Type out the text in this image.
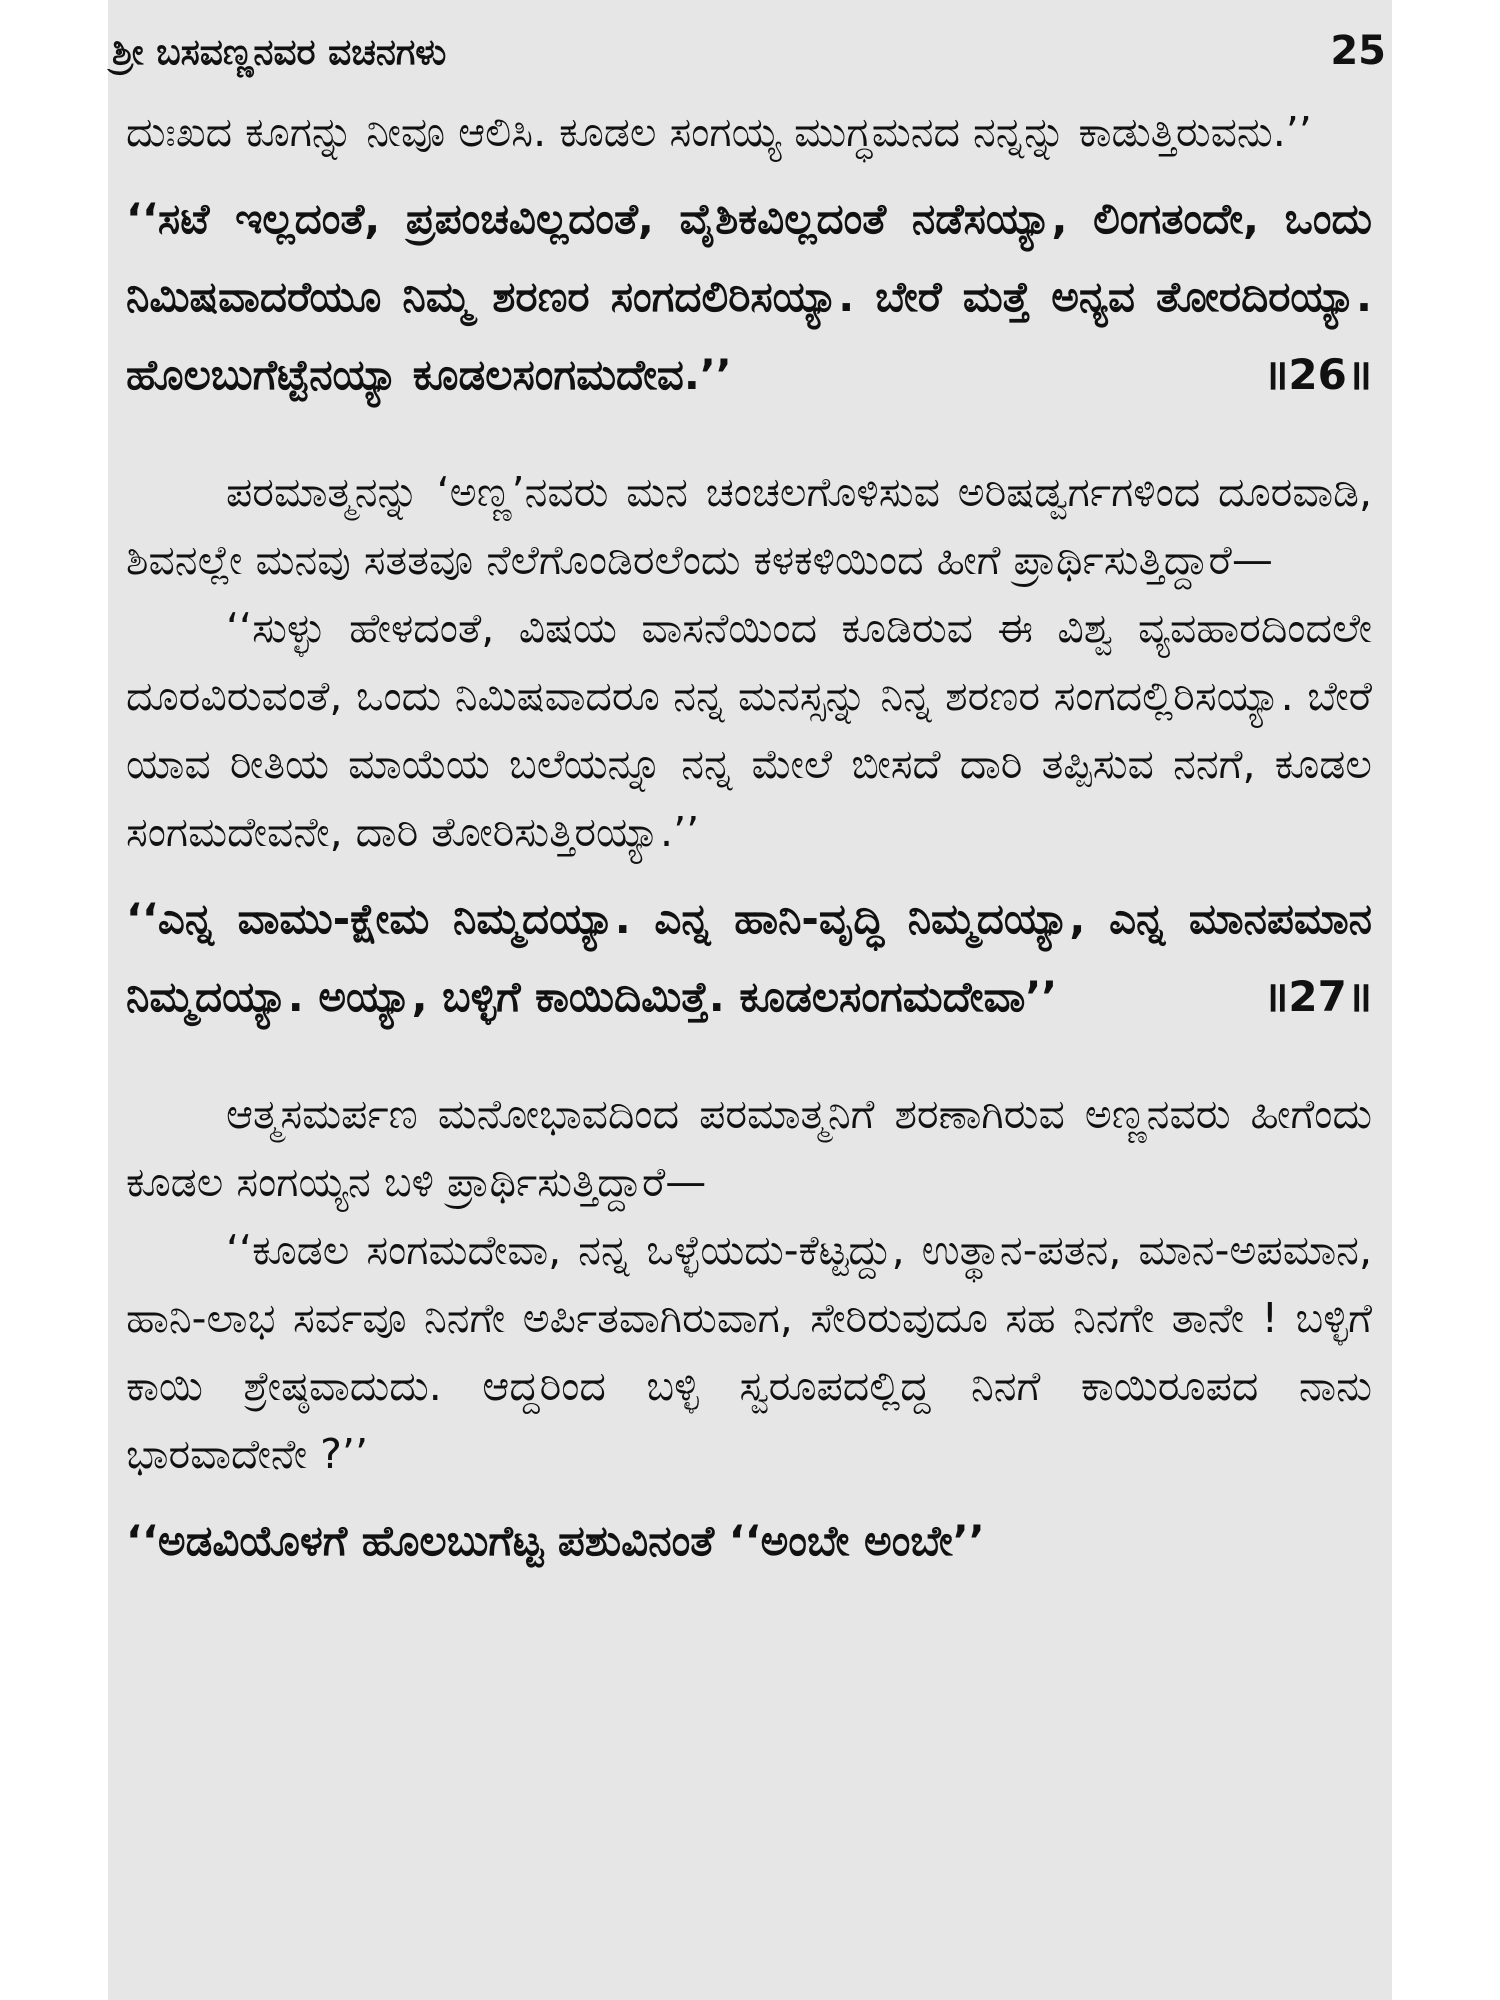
ಶ್ರೀ ಬಸವಣ್ಣನವರ ವಚನಗಳು	25

ದುಃಖದ ಕೂಗನ್ನು ನೀವೂ ಆಲಿಸಿ. ಕೂಡಲ ಸಂಗಯ್ಯ ಮುಗ್ಧಮನದ ನನ್ನನ್ನು ಕಾಡುತ್ತಿರುವನು.’’

‘‘ಸಟೆ ಇಲ್ಲದಂತೆ, ಪ್ರಪಂಚವಿಲ್ಲದಂತೆ, ವೈಶಿಕವಿಲ್ಲದಂತೆ ನಡೆಸಯ್ಯಾ, ಲಿಂಗತಂದೇ, ಒಂದು ನಿಮಿಷವಾದರೆಯೂ ನಿಮ್ಮ ಶರಣರ ಸಂಗದಲಿರಿಸಯ್ಯಾ. ಬೇರೆ ಮತ್ತೆ ಅನ್ಯವ ತೋರದಿರಯ್ಯಾ. ಹೊಲಬುಗೆಟ್ಟೆನಯ್ಯಾ ಕೂಡಲಸಂಗಮದೇವ.’’	॥26॥

ಪರಮಾತ್ಮನನ್ನು ‘ಅಣ್ಣ’ನವರು ಮನ ಚಂಚಲಗೊಳಿಸುವ ಅರಿಷಡ್ವರ್ಗಗಳಿಂದ ದೂರವಾಡಿ, ಶಿವನಲ್ಲೇ ಮನವು ಸತತವೂ ನೆಲೆಗೊಂಡಿರಲೆಂದು ಕಳಕಳಿಯಿಂದ ಹೀಗೆ ಪ್ರಾರ್ಥಿಸುತ್ತಿದ್ದಾರೆ—

‘‘ಸುಳ್ಳು ಹೇಳದಂತೆ, ವಿಷಯ ವಾಸನೆಯಿಂದ ಕೂಡಿರುವ ಈ ವಿಶ್ವ ವ್ಯವಹಾರದಿಂದಲೇ ದೂರವಿರುವಂತೆ, ಒಂದು ನಿಮಿಷವಾದರೂ ನನ್ನ ಮನಸ್ಸನ್ನು ನಿನ್ನ ಶರಣರ ಸಂಗದಲ್ಲಿರಿಸಯ್ಯಾ. ಬೇರೆ ಯಾವ ರೀತಿಯ ಮಾಯೆಯ ಬಲೆಯನ್ನೂ ನನ್ನ ಮೇಲೆ ಬೀಸದೆ ದಾರಿ ತಪ್ಪಿಸುವ ನನಗೆ, ಕೂಡಲ ಸಂಗಮದೇವನೇ, ದಾರಿ ತೋರಿಸುತ್ತಿರಯ್ಯಾ.’’

‘‘ಎನ್ನ ವಾಮು-ಕ್ಷೇಮ ನಿಮ್ಮದಯ್ಯಾ. ಎನ್ನ ಹಾನಿ-ವೃದ್ಧಿ ನಿಮ್ಮದಯ್ಯಾ, ಎನ್ನ ಮಾನಪಮಾನ ನಿಮ್ಮದಯ್ಯಾ. ಅಯ್ಯಾ, ಬಳ್ಳಿಗೆ ಕಾಯಿದಿಮಿತ್ತೆ. ಕೂಡಲಸಂಗಮದೇವಾ’’	॥27॥

ಆತ್ಮಸಮರ್ಪಣ ಮನೋಭಾವದಿಂದ ಪರಮಾತ್ಮನಿಗೆ ಶರಣಾಗಿರುವ ಅಣ್ಣನವರು ಹೀಗೆಂದು ಕೂಡಲ ಸಂಗಯ್ಯನ ಬಳಿ ಪ್ರಾರ್ಥಿಸುತ್ತಿದ್ದಾರೆ—

‘‘ಕೂಡಲ ಸಂಗಮದೇವಾ, ನನ್ನ ಒಳ್ಳೆಯದು-ಕೆಟ್ಟದ್ದು, ಉತ್ಥಾನ-ಪತನ, ಮಾನ-ಅಪಮಾನ, ಹಾನಿ-ಲಾಭ ಸರ್ವವೂ ನಿನಗೇ ಅರ್ಪಿತವಾಗಿರುವಾಗ, ಸೇರಿರುವುದೂ ಸಹ ನಿನಗೇ ತಾನೇ ! ಬಳ್ಳಿಗೆ ಕಾಯಿ ಶ್ರೇಷ್ಠವಾದುದು. ಆದ್ದರಿಂದ ಬಳ್ಳಿ ಸ್ವರೂಪದಲ್ಲಿದ್ದ ನಿನಗೆ ಕಾಯಿರೂಪದ ನಾನು ಭಾರವಾದೇನೇ ?’’

‘‘ಅಡವಿಯೊಳಗೆ ಹೊಲಬುಗೆಟ್ಟ ಪಶುವಿನಂತೆ ‘‘ಅಂಬೇ ಅಂಬೇ’’
